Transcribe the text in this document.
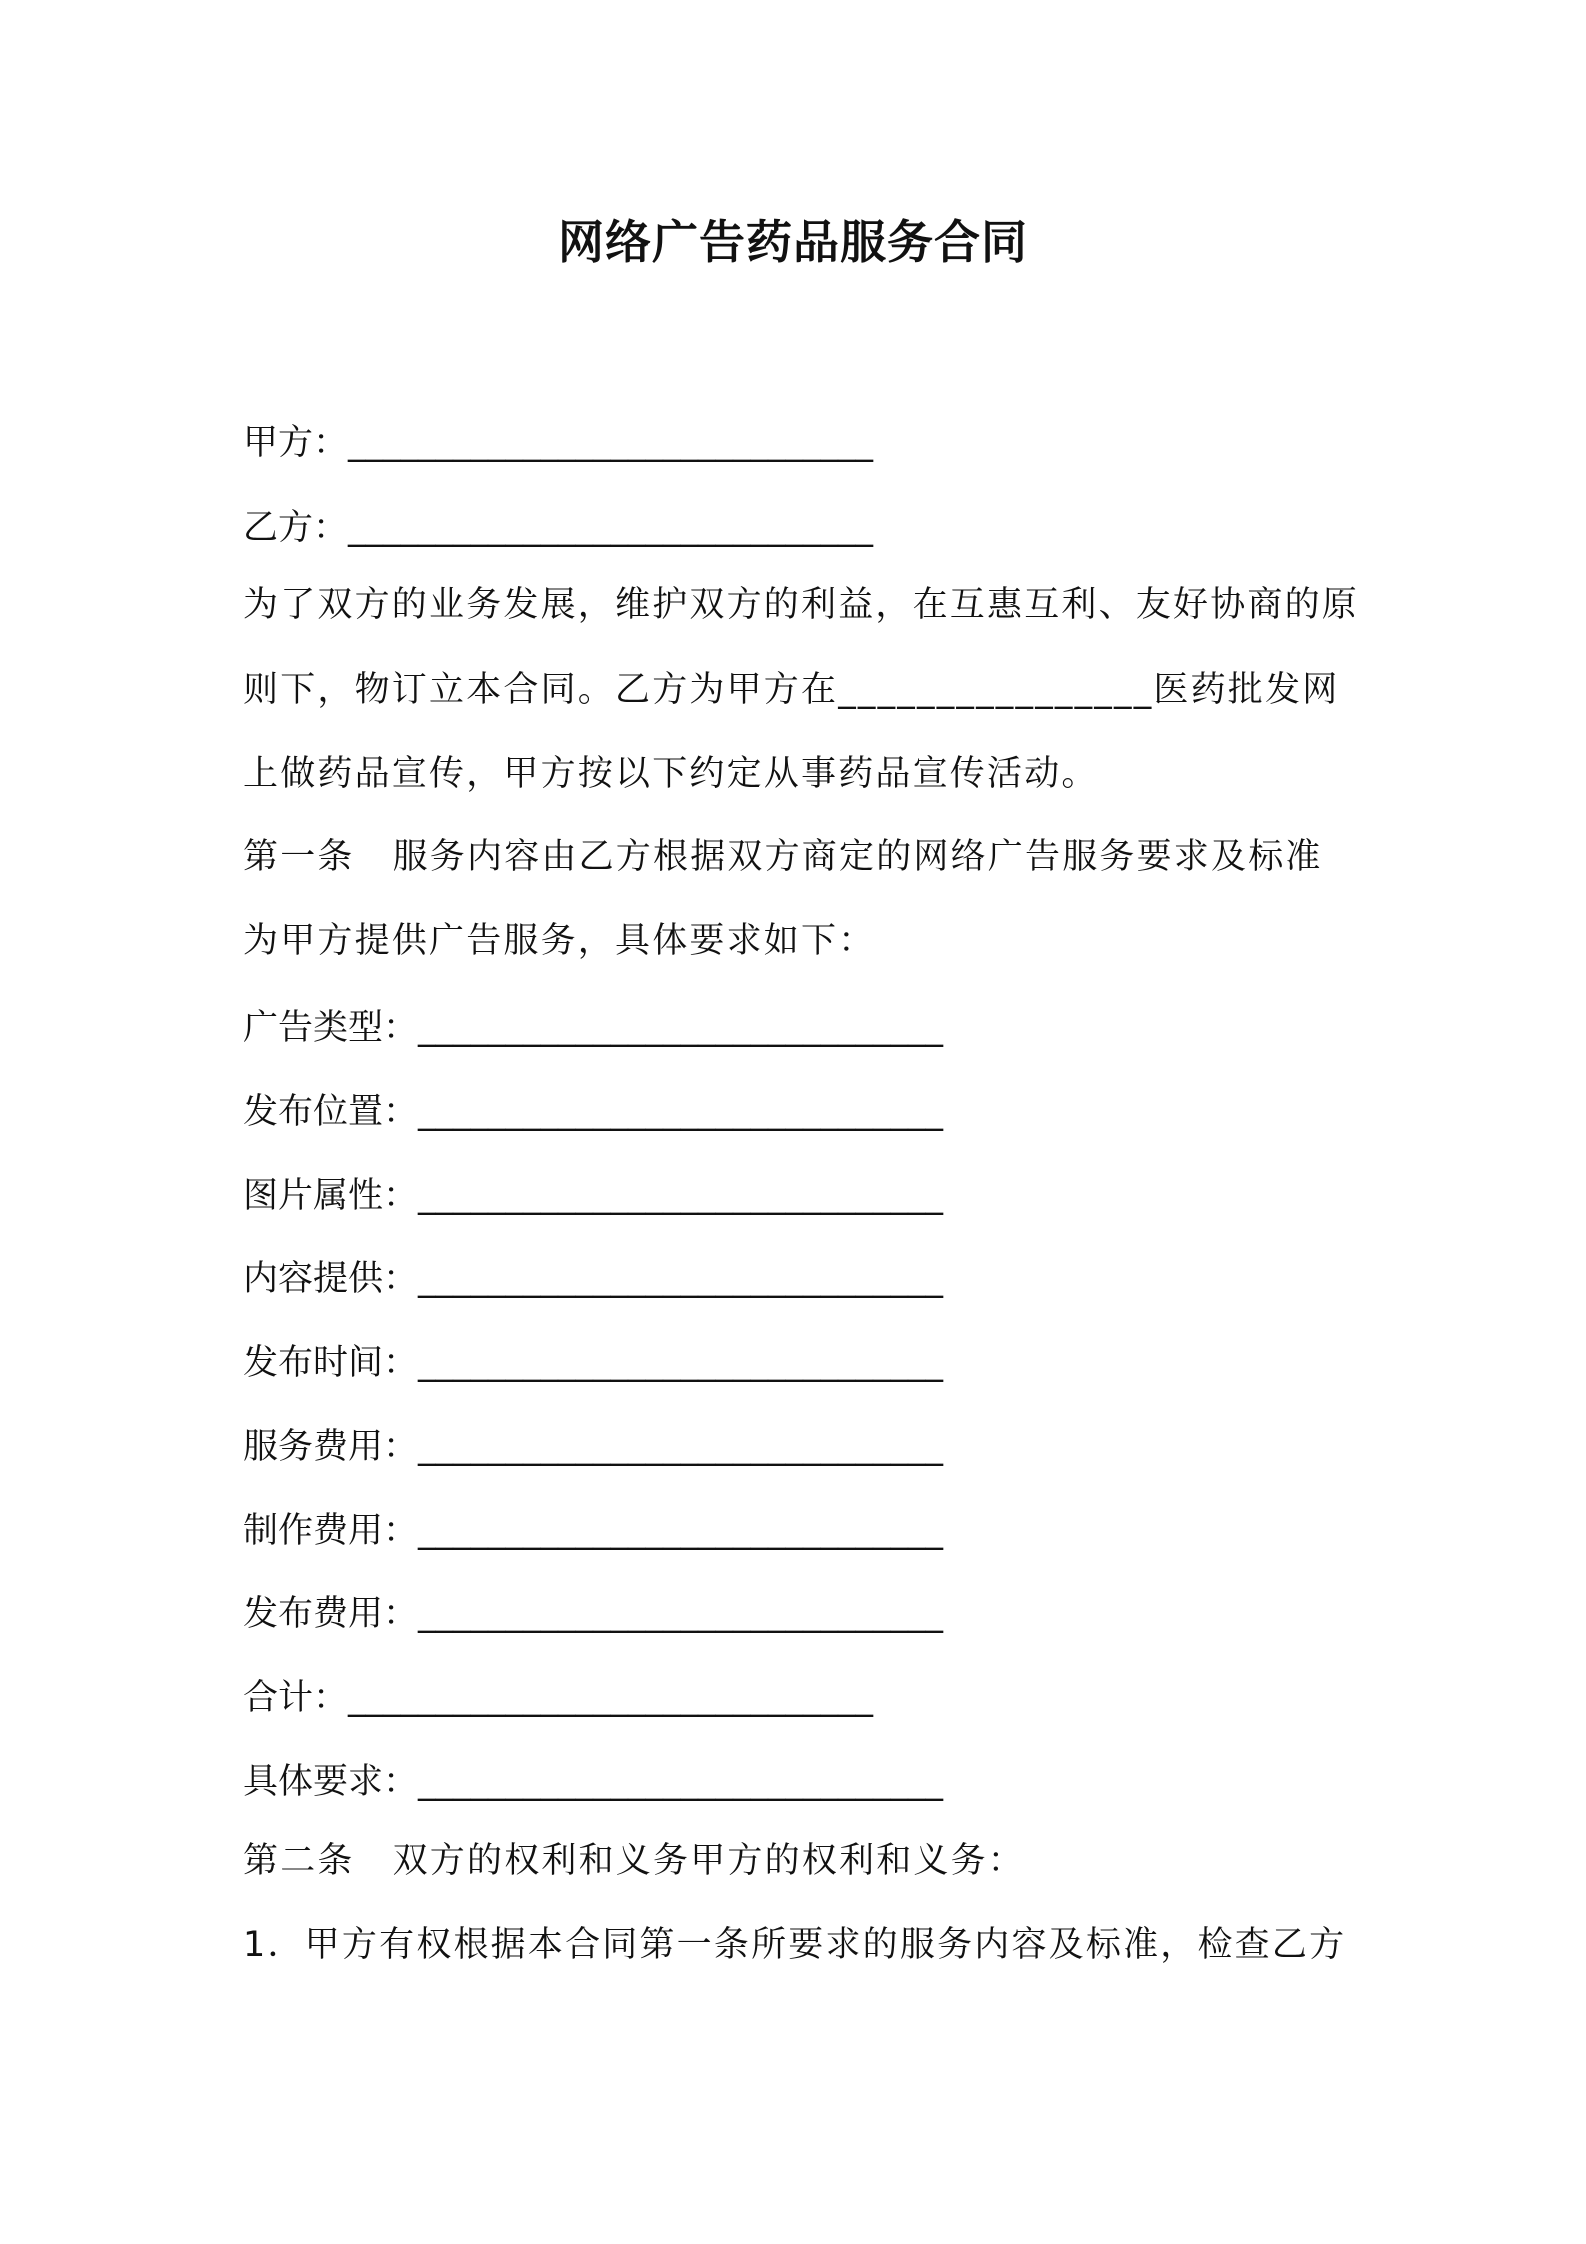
网络广告药品服务合同
甲方：______________________________
乙方：______________________________
为了双方的业务发展，维护双方的利益，在互惠互利、友好协商的原
则下，物订立本合同。乙方为甲方在________________医药批发网
上做药品宣传，甲方按以下约定从事药品宣传活动。
第一条 服务内容由乙方根据双方商定的网络广告服务要求及标准
为甲方提供广告服务，具体要求如下：
广告类型：______________________________
发布位置：______________________________
图片属性：______________________________
内容提供：______________________________
发布时间：______________________________
服务费用：______________________________
制作费用：______________________________
发布费用：______________________________
合计：______________________________
具体要求：______________________________
第二条 双方的权利和义务甲方的权利和义务：
1．甲方有权根据本合同第一条所要求的服务内容及标准，检查乙方
